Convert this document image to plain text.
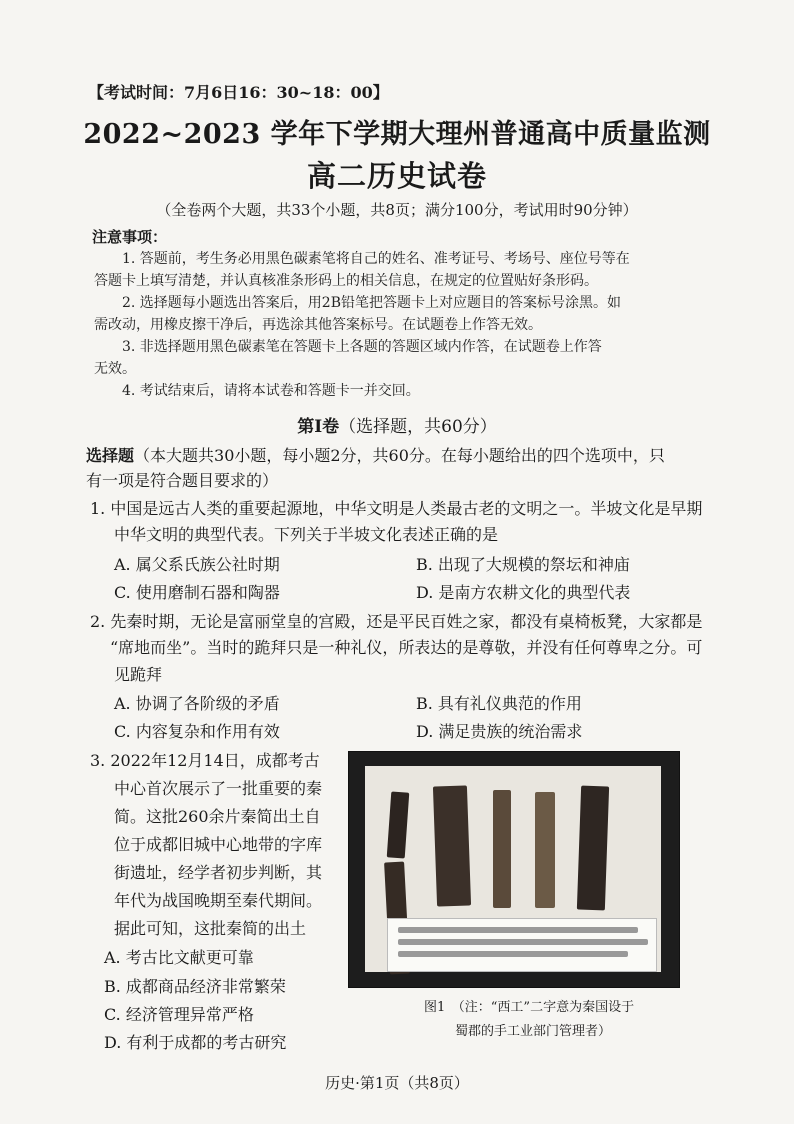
【考试时间：7月6日16：30~18：00】
2022~2023 学年下学期大理州普通高中质量监测
高二历史试卷
（全卷两个大题，共33个小题，共8页；满分100分，考试用时90分钟）
注意事项：
1. 答题前，考生务必用黑色碳素笔将自己的姓名、准考证号、考场号、座位号等在
答题卡上填写清楚，并认真核准条形码上的相关信息，在规定的位置贴好条形码。
2. 选择题每小题选出答案后，用2B铅笔把答题卡上对应题目的答案标号涂黑。如
需改动，用橡皮擦干净后，再选涂其他答案标号。在试题卷上作答无效。
3. 非选择题用黑色碳素笔在答题卡上各题的答题区域内作答，在试题卷上作答
无效。
4. 考试结束后，请将本试卷和答题卡一并交回。
第Ⅰ卷（选择题，共60分）
选择题（本大题共30小题，每小题2分，共60分。在每小题给出的四个选项中，只
有一项是符合题目要求的）
1. 中国是远古人类的重要起源地，中华文明是人类最古老的文明之一。半坡文化是早期
中华文明的典型代表。下列关于半坡文化表述正确的是
A. 属父系氏族公社时期	B. 出现了大规模的祭坛和神庙
C. 使用磨制石器和陶器	D. 是南方农耕文化的典型代表
2. 先秦时期，无论是富丽堂皇的宫殿，还是平民百姓之家，都没有桌椅板凳，大家都是
“席地而坐”。当时的跪拜只是一种礼仪，所表达的是尊敬，并没有任何尊卑之分。可
见跪拜
A. 协调了各阶级的矛盾	B. 具有礼仪典范的作用
C. 内容复杂和作用有效	D. 满足贵族的统治需求
3. 2022年12月14日，成都考古
中心首次展示了一批重要的秦
简。这批260余片秦简出土自
位于成都旧城中心地带的字库
街遗址，经学者初步判断，其
年代为战国晚期至秦代期间。
据此可知，这批秦简的出土
A. 考古比文献更可靠
B. 成都商品经济非常繁荣
C. 经济管理异常严格
D. 有利于成都的考古研究
图1　（注：“西工”二字意为秦国设于
蜀郡的手工业部门管理者）
历史·第1页（共8页）
